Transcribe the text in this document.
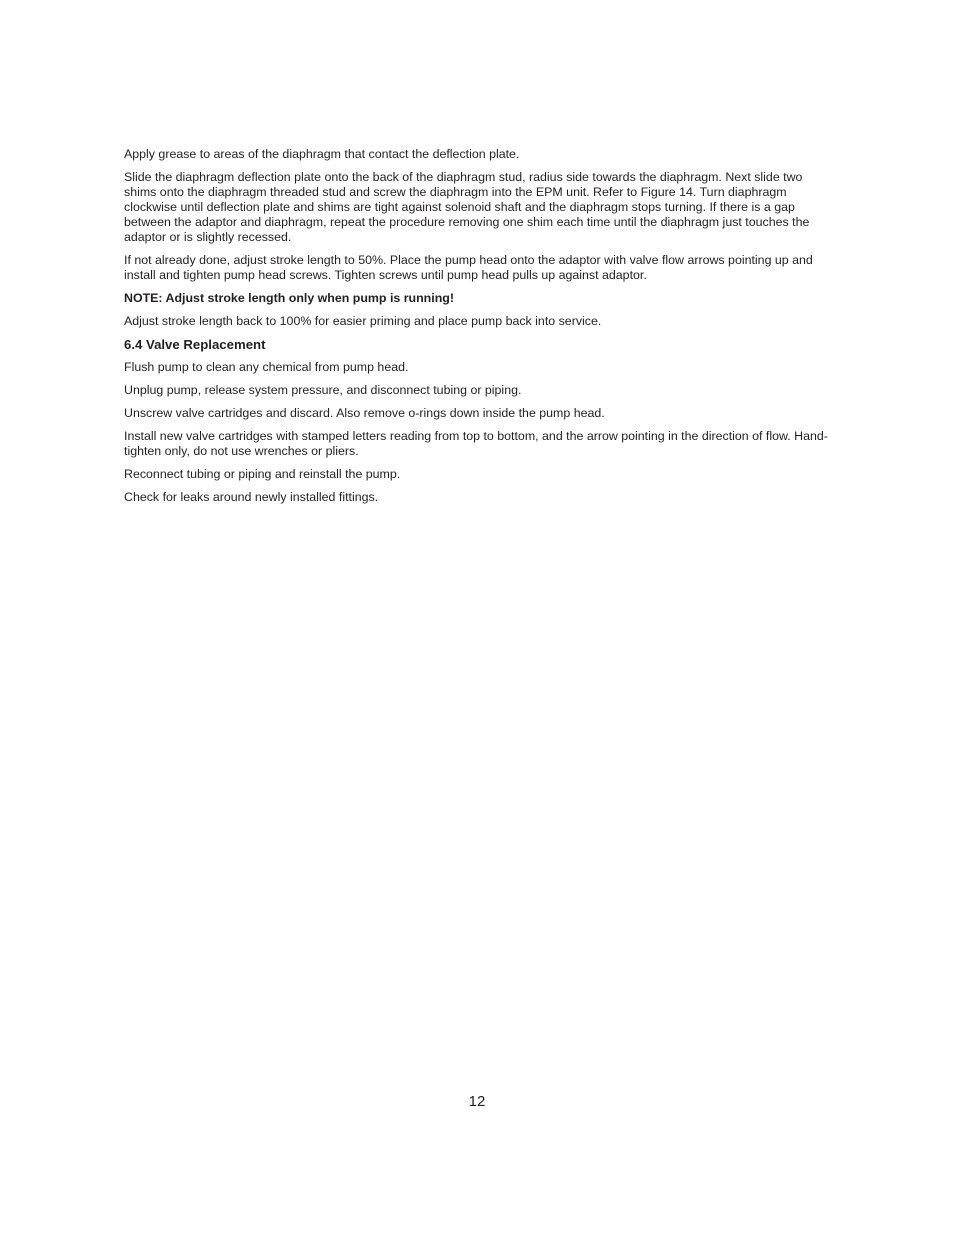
Apply grease to areas of the diaphragm that contact the deflection plate.

Slide the diaphragm deflection plate onto the back of the diaphragm stud, radius side towards the diaphragm. Next slide two shims onto the diaphragm threaded stud and screw the diaphragm into the EPM unit. Refer to Figure 14. Turn diaphragm clockwise until deflection plate and shims are tight against solenoid shaft and the diaphragm stops turning. If there is a gap between the adaptor and diaphragm, repeat the procedure removing one shim each time until the diaphragm just touches the adaptor or is slightly recessed.

If not already done, adjust stroke length to 50%. Place the pump head onto the adaptor with valve flow arrows pointing up and install and tighten pump head screws. Tighten screws until pump head pulls up against adaptor.

NOTE: Adjust stroke length only when pump is running!

Adjust stroke length back to 100% for easier priming and place pump back into service.

6.4 Valve Replacement

Flush pump to clean any chemical from pump head.

Unplug pump, release system pressure, and disconnect tubing or piping.

Unscrew valve cartridges and discard. Also remove o-rings down inside the pump head.

Install new valve cartridges with stamped letters reading from top to bottom, and the arrow pointing in the direction of flow. Hand-tighten only, do not use wrenches or pliers.

Reconnect tubing or piping and reinstall the pump.

Check for leaks around newly installed fittings.

12
